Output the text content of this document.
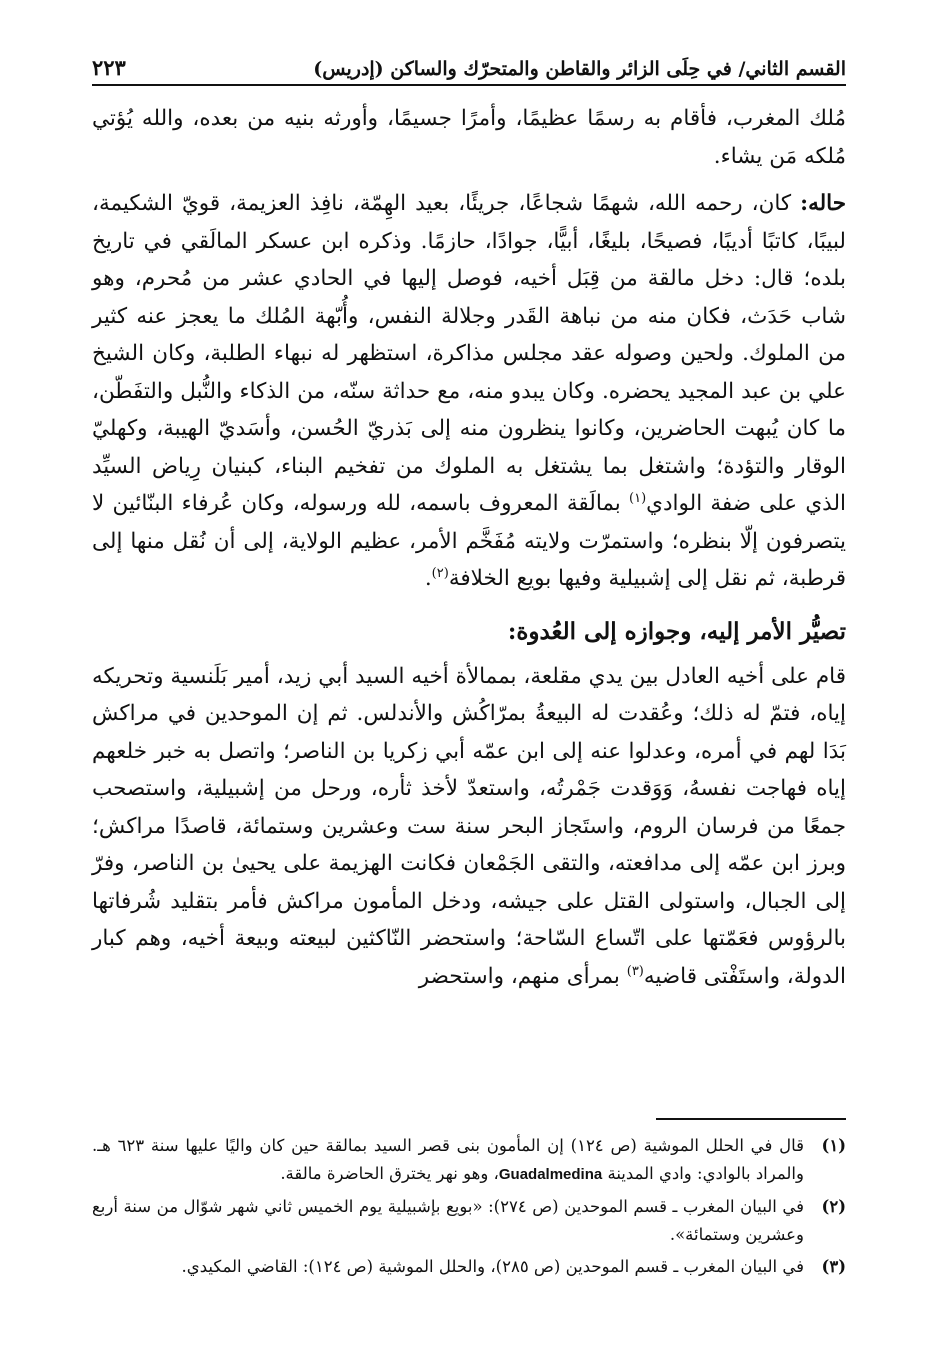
القسم الثاني/ في حِلَى الزائر والقاطن والمتحرّك والساكن (إدريس)
٢٢٣

مُلك المغرب، فأقام به رسمًا عظيمًا، وأمرًا جسيمًا، وأورثه بنيه من بعده، والله يُؤتي مُلكه مَن يشاء.

حاله: كان، رحمه الله، شهمًا شجاعًا، جريئًا، بعيد الهِمّة، نافِذ العزيمة، قويّ الشكيمة، لبيبًا، كاتبًا أديبًا، فصيحًا، بليغًا، أبيًّا، جوادًا، حازمًا. وذكره ابن عسكر المالَقي في تاريخ بلده؛ قال: دخل مالقة من قِبَل أخيه، فوصل إليها في الحادي عشر من مُحرم، وهو شاب حَدَث، فكان منه من نباهة القَدر وجلالة النفس، وأُبّهة المُلك ما يعجز عنه كثير من الملوك. ولحين وصوله عقد مجلس مذاكرة، استظهر له نبهاء الطلبة، وكان الشيخ علي بن عبد المجيد يحضره. وكان يبدو منه، مع حداثة سنّه، من الذكاء والنُّبل والتفَطّن، ما كان يُبهت الحاضرين، وكانوا ينظرون منه إلى بَذريّ الحُسن، وأسَديّ الهيبة، وكهليّ الوقار والتؤدة؛ واشتغل بما يشتغل به الملوك من تفخيم البناء، كبنيان رِياض السيِّد الذي على ضفة الوادي$^{(١)}$ بمالَقة المعروف باسمه، لله ورسوله، وكان عُرفاء البنّائين لا يتصرفون إلّا بنظره؛ واستمرّت ولايته مُفَخَّم الأمر، عظيم الولاية، إلى أن نُقل منها إلى قرطبة، ثم نقل إلى إشبيلية وفيها بويع الخلافة$^{(٢)}$.

تصيُّر الأمر إليه، وجوازه إلى العُدوة:

قام على أخيه العادل بين يدي مقلعة، بممالأة أخيه السيد أبي زيد، أمير بَلَنسية وتحريكه إياه، فتمّ له ذلك؛ وعُقدت له البيعةُ بمرّاكُش والأندلس. ثم إن الموحدين في مراكش بَدَا لهم في أمره، وعدلوا عنه إلى ابن عمّه أبي زكريا بن الناصر؛ واتصل به خبر خلعهم إياه فهاجت نفسهُ، وَوَقدت جَمْرتُه، واستعدّ لأخذ ثأره، ورحل من إشبيلية، واستصحب جمعًا من فرسان الروم، واستَجاز البحر سنة ست وعشرين وستمائة، قاصدًا مراكش؛ وبرز ابن عمّه إلى مدافعته، والتقى الجَمْعان فكانت الهزيمة على يحيىٰ بن الناصر، وفرّ إلى الجبال، واستولى القتل على جيشه، ودخل المأمون مراكش فأمر بتقليد شُرفاتها بالرؤوس فعَمّتها على اتّساع السّاحة؛ واستحضر النّاكثين لبيعته وبيعة أخيه، وهم كبار الدولة، واستَفْتى قاضيه$^{(٣)}$ بمرأى منهم، واستحضر

(١)
قال في الحلل الموشية (ص ١٢٤) إن المأمون بنى قصر السيد بمالقة حين كان واليًا عليها سنة ٦٢٣ هـ. والمراد بالوادي: وادي المدينة Guadalmedina، وهو نهر يخترق الحاضرة مالقة.
(٢)
في البيان المغرب ـ قسم الموحدين (ص ٢٧٤): «بويع بإشبيلية يوم الخميس ثاني شهر شوّال من سنة أربع وعشرين وستمائة».
(٣)
في البيان المغرب ـ قسم الموحدين (ص ٢٨٥)، والحلل الموشية (ص ١٢٤): القاضي المكيدي.
